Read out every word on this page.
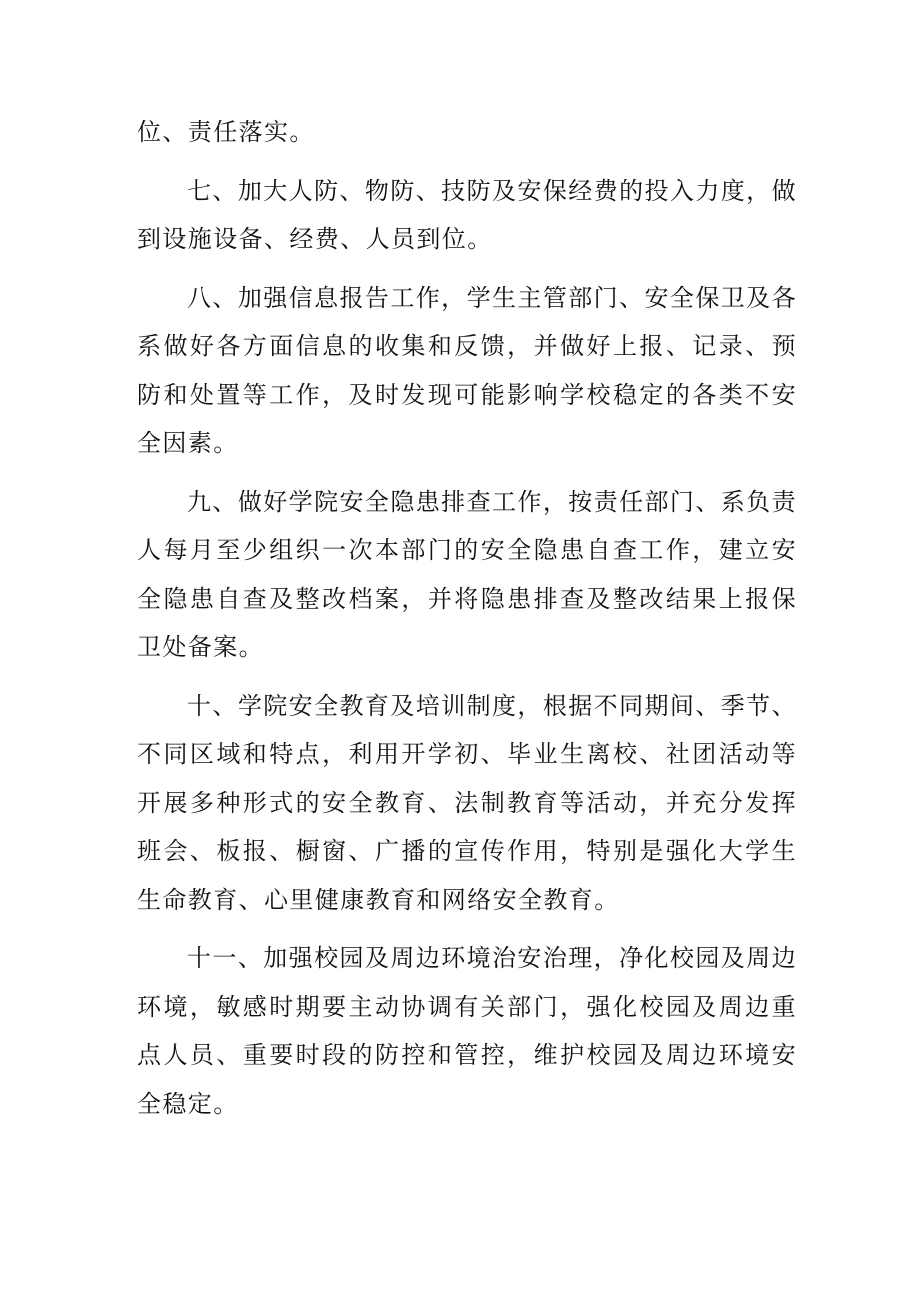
位、责任落实。

七、加大人防、物防、技防及安保经费的投入力度，做到设施设备、经费、人员到位。

八、加强信息报告工作，学生主管部门、安全保卫及各系做好各方面信息的收集和反馈，并做好上报、记录、预防和处置等工作，及时发现可能影响学校稳定的各类不安全因素。

九、做好学院安全隐患排查工作，按责任部门、系负责人每月至少组织一次本部门的安全隐患自查工作，建立安全隐患自查及整改档案，并将隐患排查及整改结果上报保卫处备案。

十、学院安全教育及培训制度，根据不同期间、季节、不同区域和特点，利用开学初、毕业生离校、社团活动等开展多种形式的安全教育、法制教育等活动，并充分发挥班会、板报、橱窗、广播的宣传作用，特别是强化大学生生命教育、心里健康教育和网络安全教育。

十一、加强校园及周边环境治安治理，净化校园及周边环境，敏感时期要主动协调有关部门，强化校园及周边重点人员、重要时段的防控和管控，维护校园及周边环境安全稳定。
